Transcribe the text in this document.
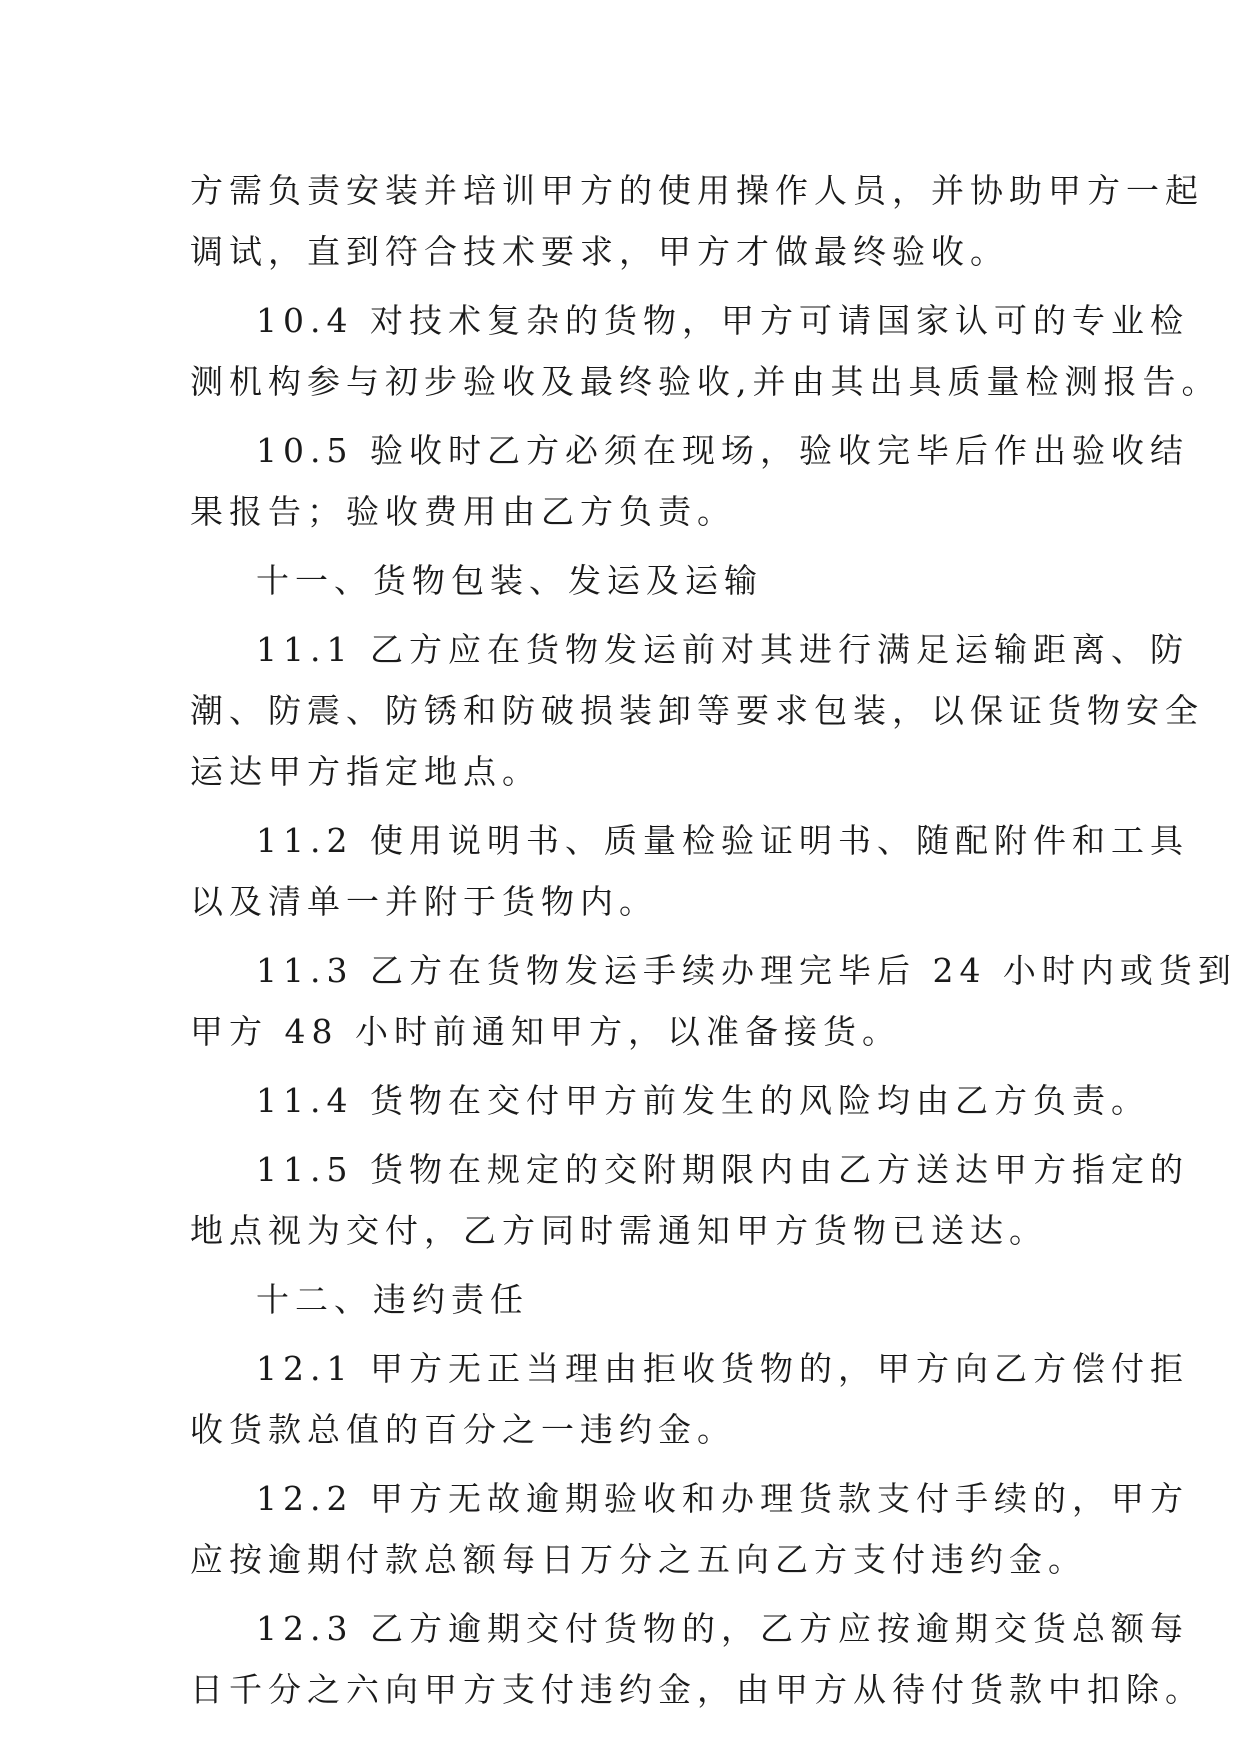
方需负责安装并培训甲方的使用操作人员，并协助甲方一起
调试，直到符合技术要求，甲方才做最终验收。
10.4 对技术复杂的货物，甲方可请国家认可的专业检
测机构参与初步验收及最终验收,并由其出具质量检测报告。
10.5 验收时乙方必须在现场，验收完毕后作出验收结
果报告；验收费用由乙方负责。
十一、货物包装、发运及运输
11.1 乙方应在货物发运前对其进行满足运输距离、防
潮、防震、防锈和防破损装卸等要求包装，以保证货物安全
运达甲方指定地点。
11.2 使用说明书、质量检验证明书、随配附件和工具
以及清单一并附于货物内。
11.3 乙方在货物发运手续办理完毕后 24 小时内或货到
甲方 48 小时前通知甲方，以准备接货。
11.4 货物在交付甲方前发生的风险均由乙方负责。
11.5 货物在规定的交附期限内由乙方送达甲方指定的
地点视为交付，乙方同时需通知甲方货物已送达。
十二、违约责任
12.1 甲方无正当理由拒收货物的，甲方向乙方偿付拒
收货款总值的百分之一违约金。
12.2 甲方无故逾期验收和办理货款支付手续的，甲方
应按逾期付款总额每日万分之五向乙方支付违约金。
12.3 乙方逾期交付货物的，乙方应按逾期交货总额每
日千分之六向甲方支付违约金，由甲方从待付货款中扣除。
